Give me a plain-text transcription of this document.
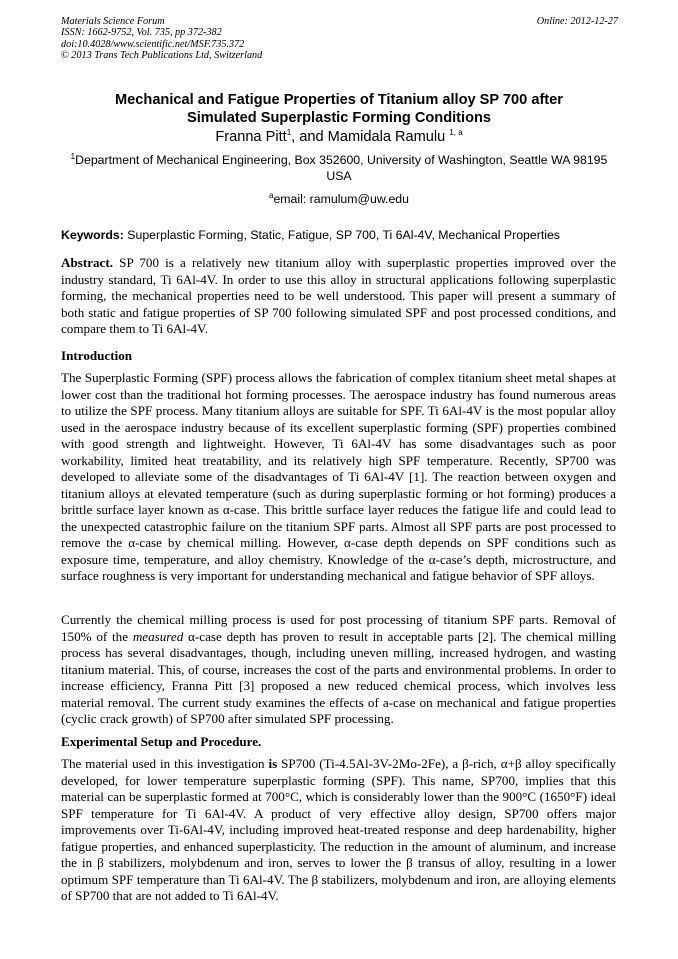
Materials Science Forum
ISSN: 1662-9752, Vol. 735, pp 372-382
doi:10.4028/www.scientific.net/MSF.735.372
© 2013 Trans Tech Publications Ltd, Switzerland
Online: 2012-12-27
Mechanical and Fatigue Properties of Titanium alloy SP 700 after
Simulated Superplastic Forming Conditions
Franna Pitt$^1$, and Mamidala Ramulu $^{1, a}$
$^1$Department of Mechanical Engineering, Box 352600, University of Washington, Seattle WA 98195 USA
$^a$email: ramulum@uw.edu
Keywords: Superplastic Forming, Static, Fatigue, SP 700, Ti 6Al-4V, Mechanical Properties
Abstract. SP 700 is a relatively new titanium alloy with superplastic properties improved over the industry standard, Ti 6Al-4V. In order to use this alloy in structural applications following superplastic forming, the mechanical properties need to be well understood. This paper will present a summary of both static and fatigue properties of SP 700 following simulated SPF and post processed conditions, and compare them to Ti 6Al-4V.
Introduction
The Superplastic Forming (SPF) process allows the fabrication of complex titanium sheet metal shapes at lower cost than the traditional hot forming processes. The aerospace industry has found numerous areas to utilize the SPF process. Many titanium alloys are suitable for SPF. Ti 6Al-4V is the most popular alloy used in the aerospace industry because of its excellent superplastic forming (SPF) properties combined with good strength and lightweight. However, Ti 6Al-4V has some disadvantages such as poor workability, limited heat treatability, and its relatively high SPF temperature. Recently, SP700 was developed to alleviate some of the disadvantages of Ti 6Al-4V [1]. The reaction between oxygen and titanium alloys at elevated temperature (such as during superplastic forming or hot forming) produces a brittle surface layer known as α-case. This brittle surface layer reduces the fatigue life and could lead to the unexpected catastrophic failure on the titanium SPF parts. Almost all SPF parts are post processed to remove the α-case by chemical milling. However, α-case depth depends on SPF conditions such as exposure time, temperature, and alloy chemistry. Knowledge of the α-case’s depth, microstructure, and surface roughness is very important for understanding mechanical and fatigue behavior of SPF alloys.
Currently the chemical milling process is used for post processing of titanium SPF parts. Removal of 150% of the measured α-case depth has proven to result in acceptable parts [2]. The chemical milling process has several disadvantages, though, including uneven milling, increased hydrogen, and wasting titanium material. This, of course, increases the cost of the parts and environmental problems. In order to increase efficiency, Franna Pitt [3] proposed a new reduced chemical process, which involves less material removal. The current study examines the effects of a-case on mechanical and fatigue properties (cyclic crack growth) of SP700 after simulated SPF processing.
Experimental Setup and Procedure.
The material used in this investigation is SP700 (Ti-4.5Al-3V-2Mo-2Fe), a β-rich, α+β alloy specifically developed, for lower temperature superplastic forming (SPF). This name, SP700, implies that this material can be superplastic formed at 700°C, which is considerably lower than the 900°C (1650°F) ideal SPF temperature for Ti 6Al-4V. A product of very effective alloy design, SP700 offers major improvements over Ti-6Al-4V, including improved heat-treated response and deep hardenability, higher fatigue properties, and enhanced superplasticity. The reduction in the amount of aluminum, and increase the in β stabilizers, molybdenum and iron, serves to lower the β transus of alloy, resulting in a lower optimum SPF temperature than Ti 6Al-4V. The β stabilizers, molybdenum and iron, are alloying elements of SP700 that are not added to Ti 6Al-4V.
